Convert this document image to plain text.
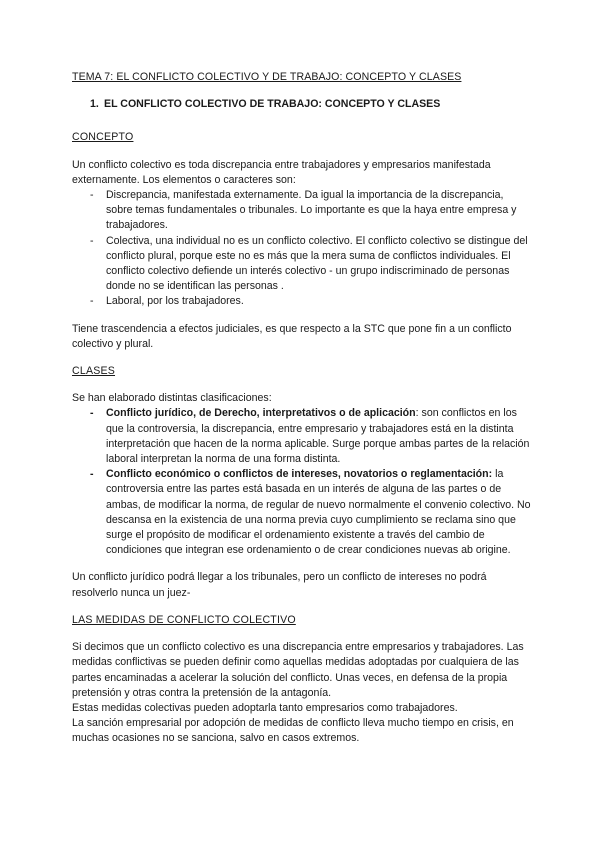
TEMA 7: EL CONFLICTO COLECTIVO Y DE TRABAJO: CONCEPTO Y CLASES
1. EL CONFLICTO COLECTIVO DE TRABAJO: CONCEPTO Y CLASES
CONCEPTO

Un conflicto colectivo es toda discrepancia entre trabajadores y empresarios manifestada externamente. Los elementos o caracteres son:

- Discrepancia, manifestada externamente. Da igual la importancia de la discrepancia, sobre temas fundamentales o tribunales. Lo importante es que la haya entre empresa y trabajadores.
- Colectiva, una individual no es un conflicto colectivo. El conflicto colectivo se distingue del conflicto plural, porque este no es más que la mera suma de conflictos individuales. El conflicto colectivo defiende un interés colectivo - un grupo indiscriminado de personas donde no se identifican las personas .
- Laboral, por los trabajadores.

Tiene trascendencia a efectos judiciales, es que respecto a la STC que pone fin a un conflicto colectivo y plural.

CLASES

Se han elaborado distintas clasificaciones:

- Conflicto jurídico, de Derecho, interpretativos o de aplicación: son conflictos en los que la controversia, la discrepancia, entre empresario y trabajadores está en la distinta interpretación que hacen de la norma aplicable. Surge porque ambas partes de la relación laboral interpretan la norma de una forma distinta.
- Conflicto económico o conflictos de intereses, novatorios o reglamentación: la controversia entre las partes está basada en un interés de alguna de las partes o de ambas, de modificar la norma, de regular de nuevo normalmente el convenio colectivo. No descansa en la existencia de una norma previa cuyo cumplimiento se reclama sino que surge el propósito de modificar el ordenamiento existente a través del cambio de condiciones que integran ese ordenamiento o de crear condiciones nuevas ab origine.

Un conflicto jurídico podrá llegar a los tribunales, pero un conflicto de intereses no podrá resolverlo nunca un juez-

LAS MEDIDAS DE CONFLICTO COLECTIVO

Si decimos que un conflicto colectivo es una discrepancia entre empresarios y trabajadores. Las medidas conflictivas se pueden definir como aquellas medidas adoptadas por cualquiera de las partes encaminadas a acelerar la solución del conflicto. Unas veces, en defensa de la propia pretensión y otras contra la pretensión de la antagonía.

Estas medidas colectivas pueden adoptarla tanto empresarios como trabajadores.

La sanción empresarial por adopción de medidas de conflicto lleva mucho tiempo en crisis, en muchas ocasiones no se sanciona, salvo en casos extremos.
